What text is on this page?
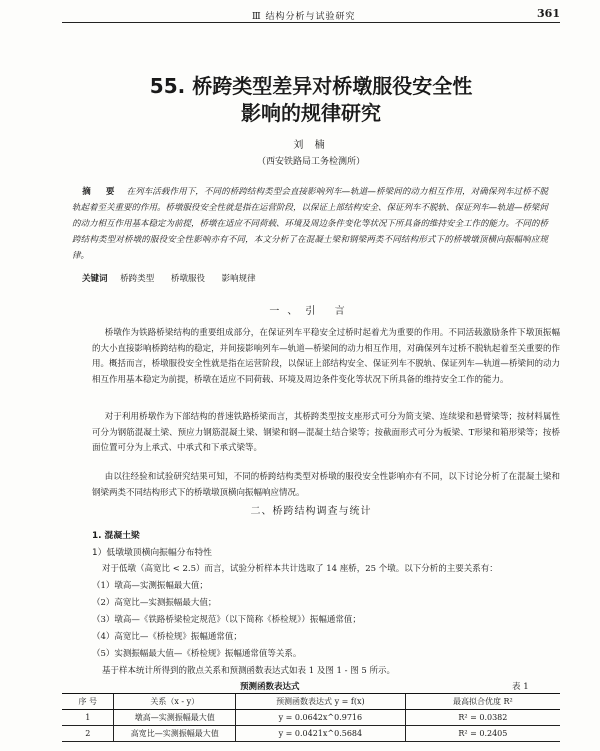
Ⅲ 结构分析与试验研究	361
55. 桥跨类型差异对桥墩服役安全性
影响的规律研究
刘 楠
（西安铁路局工务检测所）
摘 要 在列车活载作用下，不同的桥跨结构类型会直接影响列车—轨道—桥梁间的动力相互作用，对确保列车过桥不脱轨起着至关重要的作用。桥墩服役安全性就是指在运营阶段，以保证上部结构安全、保证列车不脱轨、保证列车—轨道—桥梁间的动力相互作用基本稳定为前提，桥墩在适应不同荷载、环境及周边条件变化等状况下所具备的维持安全工作的能力。不同的桥跨结构类型对桥墩的服役安全性影响亦有不同，本文分析了在混凝土梁和钢梁两类不同结构形式下的桥墩墩顶横向振幅响应规律。
关键词 桥跨类型 桥墩服役 影响规律
一、引 言
桥墩作为铁路桥梁结构的重要组成部分，在保证列车平稳安全过桥时起着尤为重要的作用。不同活载激励条件下墩顶振幅的大小直接影响桥跨结构的稳定，并间接影响列车—轨道—桥梁间的动力相互作用，对确保列车过桥不脱轨起着至关重要的作用。概括而言，桥墩服役安全性就是指在运营阶段，以保证上部结构安全、保证列车不脱轨、保证列车—轨道—桥梁间的动力相互作用基本稳定为前提，桥墩在适应不同荷载、环境及周边条件变化等状况下所具备的维持安全工作的能力。
对于利用桥墩作为下部结构的普速铁路桥梁而言，其桥跨类型按支座形式可分为简支梁、连续梁和悬臂梁等；按材料属性可分为钢筋混凝土梁、预应力钢筋混凝土梁、钢梁和钢—混凝土结合梁等；按截面形式可分为板梁、T形梁和箱形梁等；按桥面位置可分为上承式、中承式和下承式梁等。
由以往经验和试验研究结果可知，不同的桥跨结构类型对桥墩的服役安全性影响亦有不同，以下讨论分析了在混凝土梁和钢梁两类不同结构形式下的桥墩墩顶横向振幅响应情况。
二、桥跨结构调查与统计
1. 混凝土梁
1）低墩墩顶横向振幅分布特性
对于低墩（高宽比 < 2.5）而言，试验分析样本共计选取了 14 座桥，25 个墩。以下分析的主要关系有：
（1）墩高—实测振幅最大值；
（2）高宽比—实测振幅最大值；
（3）墩高—《铁路桥梁检定规范》（以下简称《桥检规》）振幅通常值；
（4）高宽比—《桥检规》振幅通常值；
（5）实测振幅最大值—《桥检规》振幅通常值等关系。
基于样本统计所得到的散点关系和预测函数表达式如表 1 及图 1 - 图 5 所示。
预测函数表达式	表 1
序 号	关系（x - y）	预测函数表达式 y = f(x)	最高拟合优度 R²
1	墩高—实测振幅最大值	y = 0.0642x^0.9716	R² = 0.0382
2	高宽比—实测振幅最大值	y = 0.0421x^0.5684	R² = 0.2405
